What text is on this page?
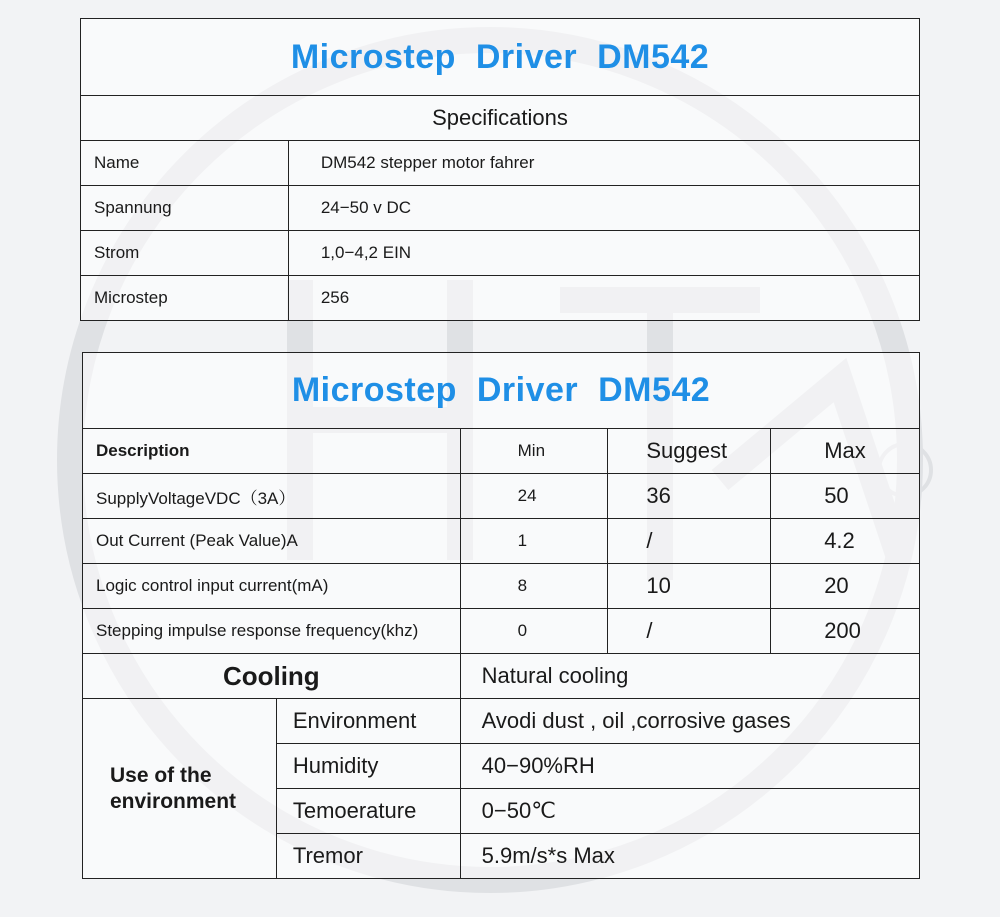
Microstep Driver DM542	
Specifications	
Name	DM542 stepper motor fahrer
Spannung	24−50 v DC
Strom	1,0−4,2 EIN
Microstep	256
Microstep Driver DM542				
Description		Min	Suggest	Max
SupplyVoltageVDC（3A）		24	36	50
Out Current (Peak Value)A		1	/	4.2
Logic control input current(mA)		8	10	20
Stepping impulse response frequency(khz)		0	/	200
Cooling		Natural cooling		
Use of the
environment	Environment	Avodi dust , oil ,corrosive gases		
	Humidity	40−90%RH		
	Temoerature	0−50℃		
	Tremor	5.9m/s*s Max		
